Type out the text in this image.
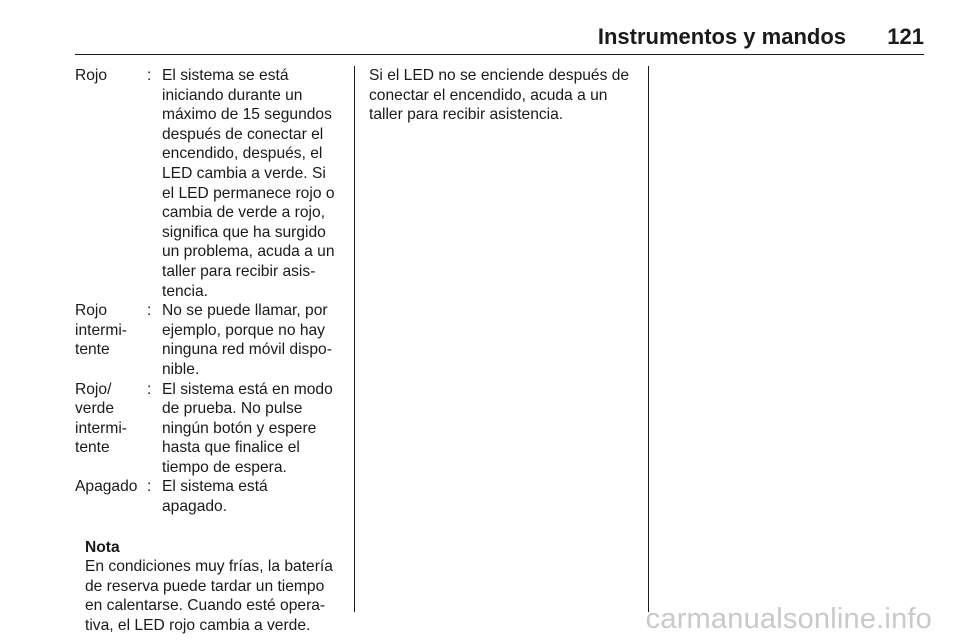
Instrumentos y mandos 121
Rojo	: El sistema se está
iniciando durante un
máximo de 15 segundos
después de conectar el
encendido, después, el
LED cambia a verde. Si
el LED permanece rojo o
cambia de verde a rojo,
significa que ha surgido
un problema, acuda a un
taller para recibir asis-
tencia.
Rojo
intermi-
tente
: No se puede llamar, por
ejemplo, porque no hay
ninguna red móvil dispo-
nible.
Rojo/
verde
intermi-
tente
: El sistema está en modo
de prueba. No pulse
ningún botón y espere
hasta que finalice el
tiempo de espera.
Apagado : El sistema está
apagado.
Nota
En condiciones muy frías, la batería
de reserva puede tardar un tiempo
en calentarse. Cuando esté opera-
tiva, el LED rojo cambia a verde.
Si el LED no se enciende después de
conectar el encendido, acuda a un
taller para recibir asistencia.
carmanualsonline.info
